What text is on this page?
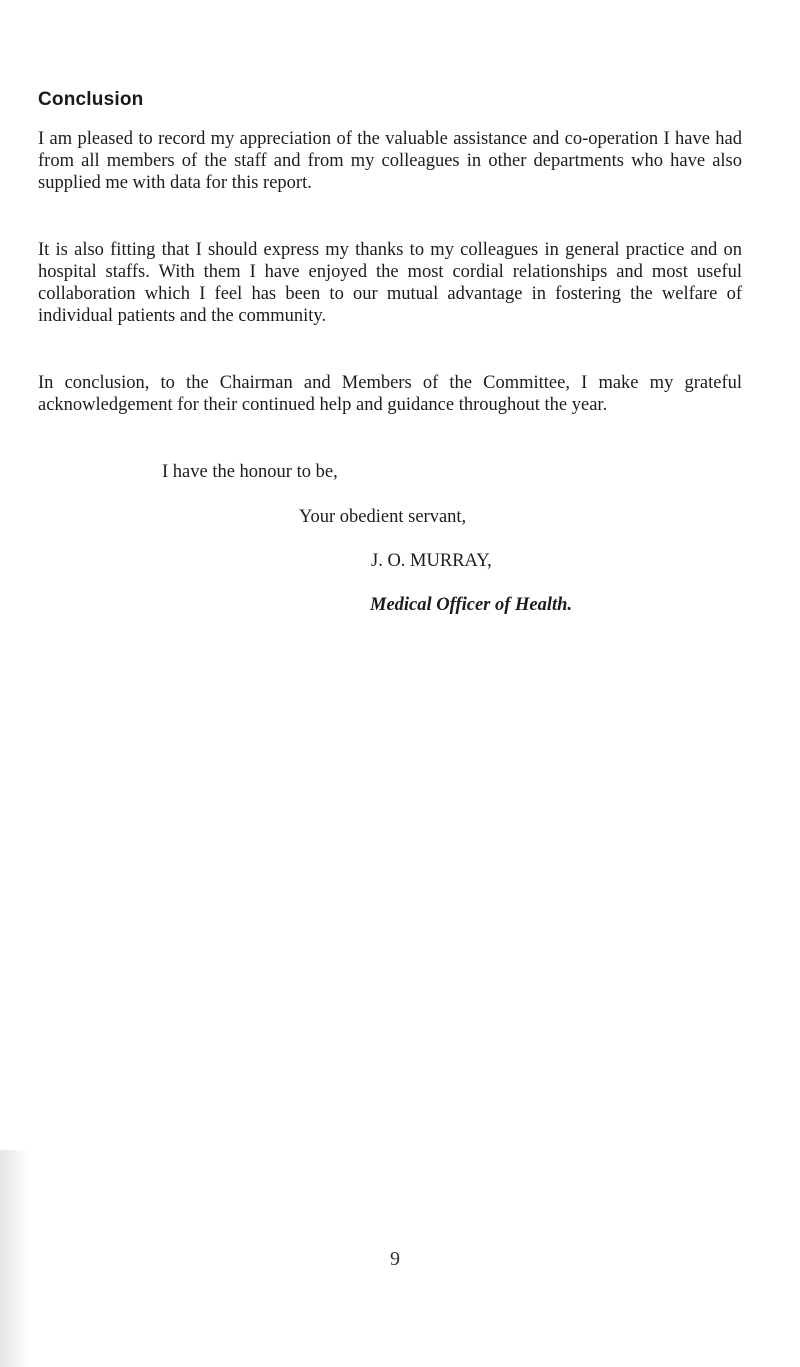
Conclusion

I am pleased to record my appreciation of the valuable assistance and co-operation I have had from all members of the staff and from my colleagues in other departments who have also supplied me with data for this report.

It is also fitting that I should express my thanks to my colleagues in general practice and on hospital staffs. With them I have enjoyed the most cordial relationships and most useful collaboration which I feel has been to our mutual advantage in fostering the welfare of individual patients and the community.

In conclusion, to the Chairman and Members of the Committee, I make my grateful acknowledgement for their continued help and guidance throughout the year.

I have the honour to be,

Your obedient servant,

J. O. MURRAY,

Medical Officer of Health.

9
